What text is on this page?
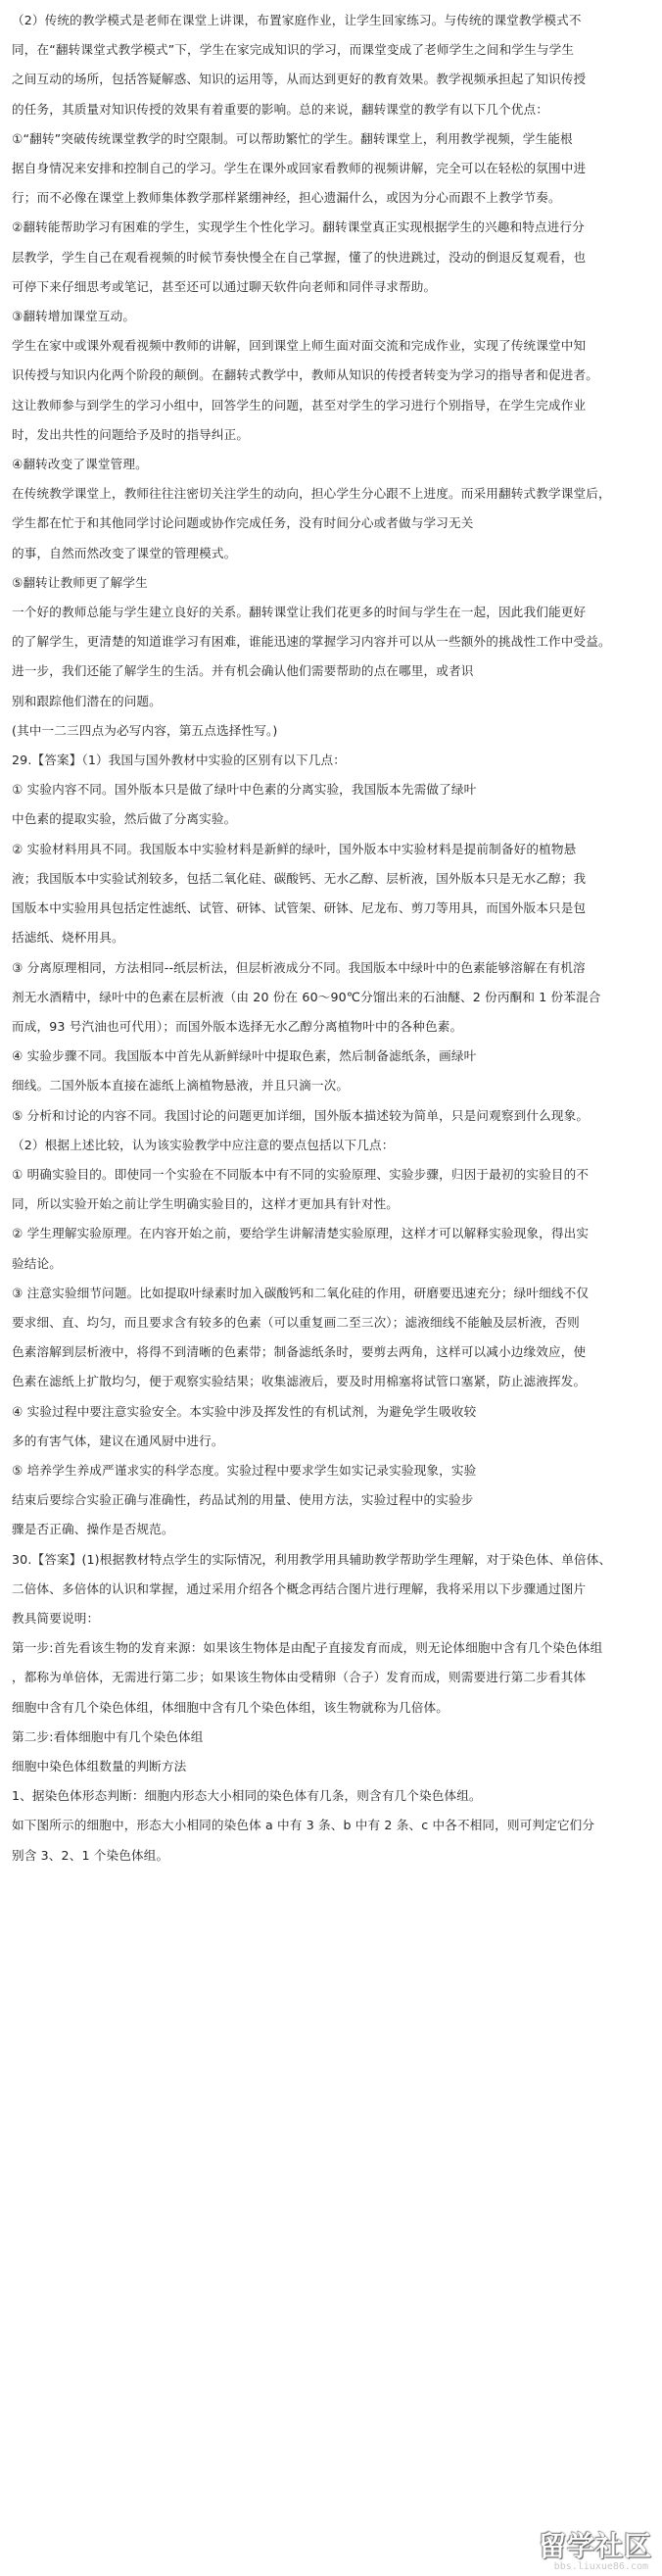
（2）传统的教学模式是老师在课堂上讲课，布置家庭作业，让学生回家练习。与传统的课堂教学模式不

同，在“翻转课堂式教学模式”下，学生在家完成知识的学习，而课堂变成了老师学生之间和学生与学生

之间互动的场所，包括答疑解惑、知识的运用等，从而达到更好的教育效果。教学视频承担起了知识传授

的任务，其质量对知识传授的效果有着重要的影响。总的来说，翻转课堂的教学有以下几个优点：

①“翻转”突破传统课堂教学的时空限制。可以帮助繁忙的学生。翻转课堂上，利用教学视频，学生能根

据自身情况来安排和控制自己的学习。学生在课外或回家看教师的视频讲解，完全可以在轻松的氛围中进

行；而不必像在课堂上教师集体教学那样紧绷神经，担心遗漏什么，或因为分心而跟不上教学节奏。

②翻转能帮助学习有困难的学生，实现学生个性化学习。翻转课堂真正实现根据学生的兴趣和特点进行分

层教学，学生自己在观看视频的时候节奏快慢全在自己掌握，懂了的快进跳过，没动的倒退反复观看，也

可停下来仔细思考或笔记，甚至还可以通过聊天软件向老师和同伴寻求帮助。

③翻转增加课堂互动。

学生在家中或课外观看视频中教师的讲解，回到课堂上师生面对面交流和完成作业，实现了传统课堂中知

识传授与知识内化两个阶段的颠倒。在翻转式教学中，教师从知识的传授者转变为学习的指导者和促进者。

这让教师参与到学生的学习小组中，回答学生的问题，甚至对学生的学习进行个别指导，在学生完成作业

时，发出共性的问题给予及时的指导纠正。

④翻转改变了课堂管理。

在传统教学课堂上，教师往往注密切关注学生的动向，担心学生分心跟不上进度。而采用翻转式教学课堂后，

学生都在忙于和其他同学讨论问题或协作完成任务，没有时间分心或者做与学习无关

的事，自然而然改变了课堂的管理模式。

⑤翻转让教师更了解学生

一个好的教师总能与学生建立良好的关系。翻转课堂让我们花更多的时间与学生在一起，因此我们能更好

的了解学生，更清楚的知道谁学习有困难，谁能迅速的掌握学习内容并可以从一些额外的挑战性工作中受益。

进一步，我们还能了解学生的生活。并有机会确认他们需要帮助的点在哪里，或者识

别和跟踪他们潜在的问题。

(其中一二三四点为必写内容，第五点选择性写。)

29.【答案】（1）我国与国外教材中实验的区别有以下几点：

① 实验内容不同。国外版本只是做了绿叶中色素的分离实验，我国版本先需做了绿叶

中色素的提取实验，然后做了分离实验。

② 实验材料用具不同。我国版本中实验材料是新鲜的绿叶，国外版本中实验材料是提前制备好的植物悬

液；我国版本中实验试剂较多，包括二氧化硅、碳酸钙、无水乙醇、层析液，国外版本只是无水乙醇；我

国版本中实验用具包括定性滤纸、试管、研钵、试管架、研钵、尼龙布、剪刀等用具，而国外版本只是包

括滤纸、烧杯用具。

③ 分离原理相同，方法相同--纸层析法，但层析液成分不同。我国版本中绿叶中的色素能够溶解在有机溶

剂无水酒精中，绿叶中的色素在层析液（由 20 份在 60～90℃分馏出来的石油醚、2 份丙酮和 1 份苯混合

而成，93 号汽油也可代用）；而国外版本选择无水乙醇分离植物叶中的各种色素。

④ 实验步骤不同。我国版本中首先从新鲜绿叶中提取色素，然后制备滤纸条，画绿叶

细线。二国外版本直接在滤纸上滴植物悬液，并且只滴一次。

⑤ 分析和讨论的内容不同。我国讨论的问题更加详细，国外版本描述较为简单，只是问观察到什么现象。

（2）根据上述比较，认为该实验教学中应注意的要点包括以下几点：

① 明确实验目的。即使同一个实验在不同版本中有不同的实验原理、实验步骤，归因于最初的实验目的不

同，所以实验开始之前让学生明确实验目的，这样才更加具有针对性。

② 学生理解实验原理。在内容开始之前，要给学生讲解清楚实验原理，这样才可以解释实验现象，得出实

验结论。

③ 注意实验细节问题。比如提取叶绿素时加入碳酸钙和二氧化硅的作用，研磨要迅速充分；绿叶细线不仅

要求细、直、均匀，而且要求含有较多的色素（可以重复画二至三次）；滤液细线不能触及层析液，否则

色素溶解到层析液中，将得不到清晰的色素带；制备滤纸条时，要剪去两角，这样可以减小边缘效应，使

色素在滤纸上扩散均匀，便于观察实验结果；收集滤液后，要及时用棉塞将试管口塞紧，防止滤液挥发。

④ 实验过程中要注意实验安全。本实验中涉及挥发性的有机试剂，为避免学生吸收较

多的有害气体，建议在通风厨中进行。

⑤ 培养学生养成严谨求实的科学态度。实验过程中要求学生如实记录实验现象，实验

结束后要综合实验正确与准确性，药品试剂的用量、使用方法，实验过程中的实验步

骤是否正确、操作是否规范。

30.【答案】(1)根据教材特点学生的实际情况，利用教学用具辅助教学帮助学生理解，对于染色体、单倍体、

二倍体、多倍体的认识和掌握，通过采用介绍各个概念再结合图片进行理解，我将采用以下步骤通过图片

教具简要说明：

第一步:首先看该生物的发育来源：如果该生物体是由配子直接发育而成，则无论体细胞中含有几个染色体组

，都称为单倍体，无需进行第二步；如果该生物体由受精卵（合子）发育而成，则需要进行第二步看其体

细胞中含有几个染色体组，体细胞中含有几个染色体组，该生物就称为几倍体。

第二步:看体细胞中有几个染色体组

细胞中染色体组数量的判断方法

1、据染色体形态判断：细胞内形态大小相同的染色体有几条，则含有几个染色体组。

如下图所示的细胞中，形态大小相同的染色体 a 中有 3 条、b 中有 2 条、c 中各不相同，则可判定它们分

别含 3、2、1 个染色体组。

留学社区
bbs.liuxue86.com
